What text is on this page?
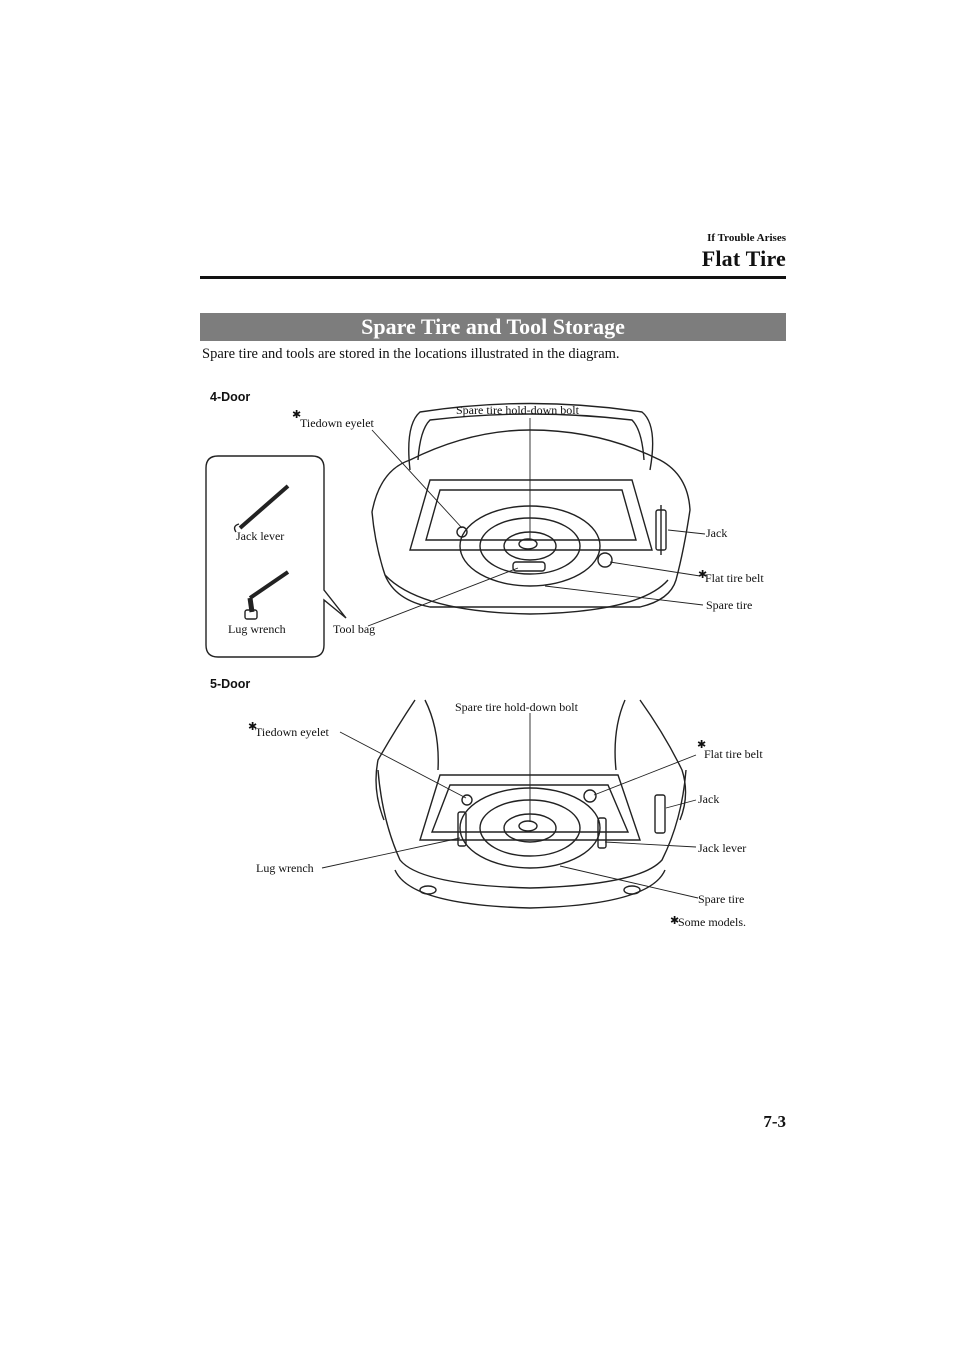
If Trouble Arises
Flat Tire
Spare Tire and Tool Storage
Spare tire and tools are stored in the locations illustrated in the diagram.
4-Door
5-Door
✱
✱
✱
✱
✱
Tiedown eyelet
Spare tire hold-down bolt
Jack lever	Jack
Flat tire belt
Spare tire
Lug wrench	Tool bag
Spare tire hold-down bolt
Tiedown eyelet
Flat tire belt
Jack
Jack lever
Lug wrench
Spare tire
Some models.
7-3
